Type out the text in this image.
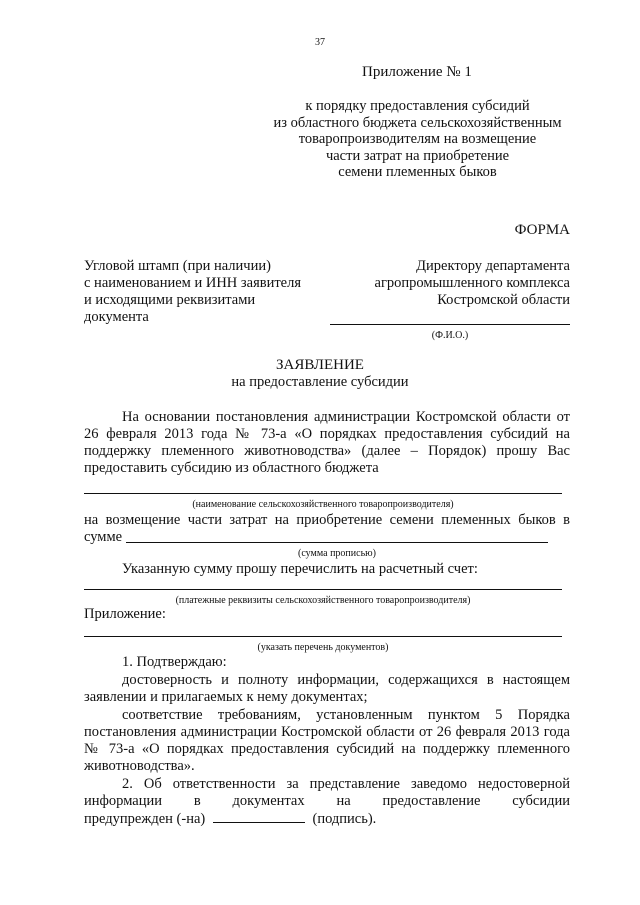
37
Приложение № 1
к порядку предоставления субсидий
из областного бюджета сельскохозяйственным
товаропроизводителям на возмещение
части затрат на приобретение
семени племенных быков
ФОРМА
Угловой штамп (при наличии)
с наименованием и ИНН заявителя
и исходящими реквизитами
документа
Директору департамента
агропромышленного комплекса
Костромской области
(Ф.И.О.)
ЗАЯВЛЕНИЕ
на предоставление субсидии
На основании постановления администрации Костромской области от 26 февраля 2013 года № 73-а «О порядках предоставления субсидий на поддержку племенного животноводства» (далее – Порядок) прошу Вас предоставить субсидию из областного бюджета
(наименование сельскохозяйственного товаропроизводителя)
на возмещение части затрат на приобретение семени племенных быков в
сумме
(сумма прописью)
Указанную сумму прошу перечислить на расчетный счет:
(платежные реквизиты сельскохозяйственного товаропроизводителя)
Приложение:
(указать перечень документов)
1. Подтверждаю:
достоверность и полноту информации, содержащихся в настоящем заявлении и прилагаемых к нему документах;
соответствие требованиям, установленным пунктом 5 Порядка постановления администрации Костромской области от 26 февраля 2013 года № 73-а «О порядках предоставления субсидий на поддержку племенного животноводства».
2. Об ответственности за представление заведомо недостоверной информации в документах на предоставление субсидии
предупрежден (-на)	(подпись).
